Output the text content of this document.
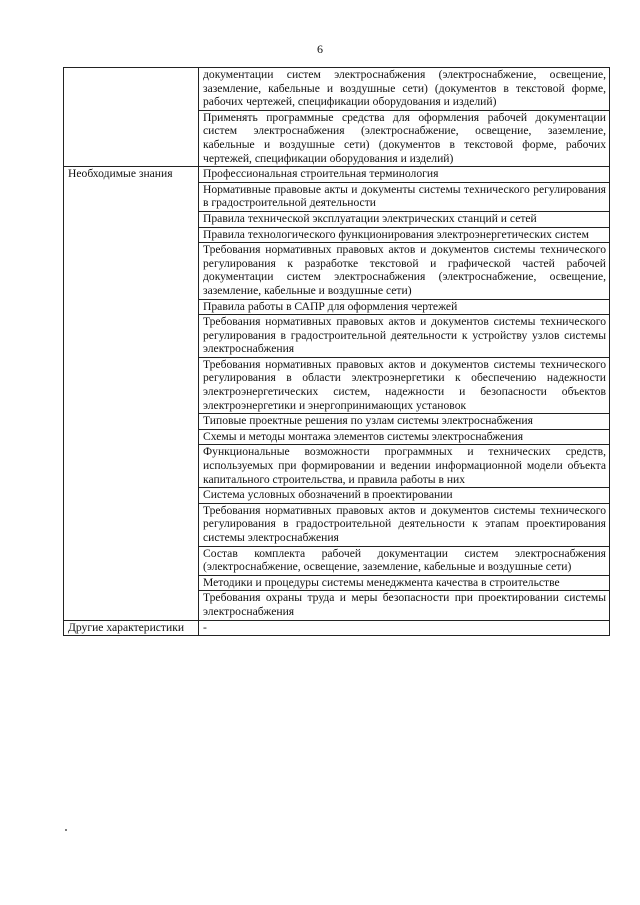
6
	документации систем электроснабжения (электроснабжение, освещение, заземление, кабельные и воздушные сети) (документов в текстовой форме, рабочих чертежей, спецификации оборудования и изделий)
	Применять программные средства для оформления рабочей документации систем электроснабжения (электроснабжение, освещение, заземление, кабельные и воздушные сети) (документов в текстовой форме, рабочих чертежей, спецификации оборудования и изделий)
Необходимые знания	Профессиональная строительная терминология
	Нормативные правовые акты и документы системы технического регулирования в градостроительной деятельности
	Правила технической эксплуатации электрических станций и сетей
	Правила технологического функционирования электроэнергетических систем
	Требования нормативных правовых актов и документов системы технического регулирования к разработке текстовой и графической частей рабочей документации систем электроснабжения (электроснабжение, освещение, заземление, кабельные и воздушные сети)
	Правила работы в САПР для оформления чертежей
	Требования нормативных правовых актов и документов системы технического регулирования в градостроительной деятельности к устройству узлов системы электроснабжения
	Требования нормативных правовых актов и документов системы технического регулирования в области электроэнергетики к обеспечению надежности электроэнергетических систем, надежности и безопасности объектов электроэнергетики и энергопринимающих установок
	Типовые проектные решения по узлам системы электроснабжения
	Схемы и методы монтажа элементов системы электроснабжения
	Функциональные возможности программных и технических средств, используемых при формировании и ведении информационной модели объекта капитального строительства, и правила работы в них
	Система условных обозначений в проектировании
	Требования нормативных правовых актов и документов системы технического регулирования в градостроительной деятельности к этапам проектирования системы электроснабжения
	Состав комплекта рабочей документации систем электроснабжения (электроснабжение, освещение, заземление, кабельные и воздушные сети)
	Методики и процедуры системы менеджмента качества в строительстве
	Требования охраны труда и меры безопасности при проектировании системы электроснабжения
Другие характеристики	-
